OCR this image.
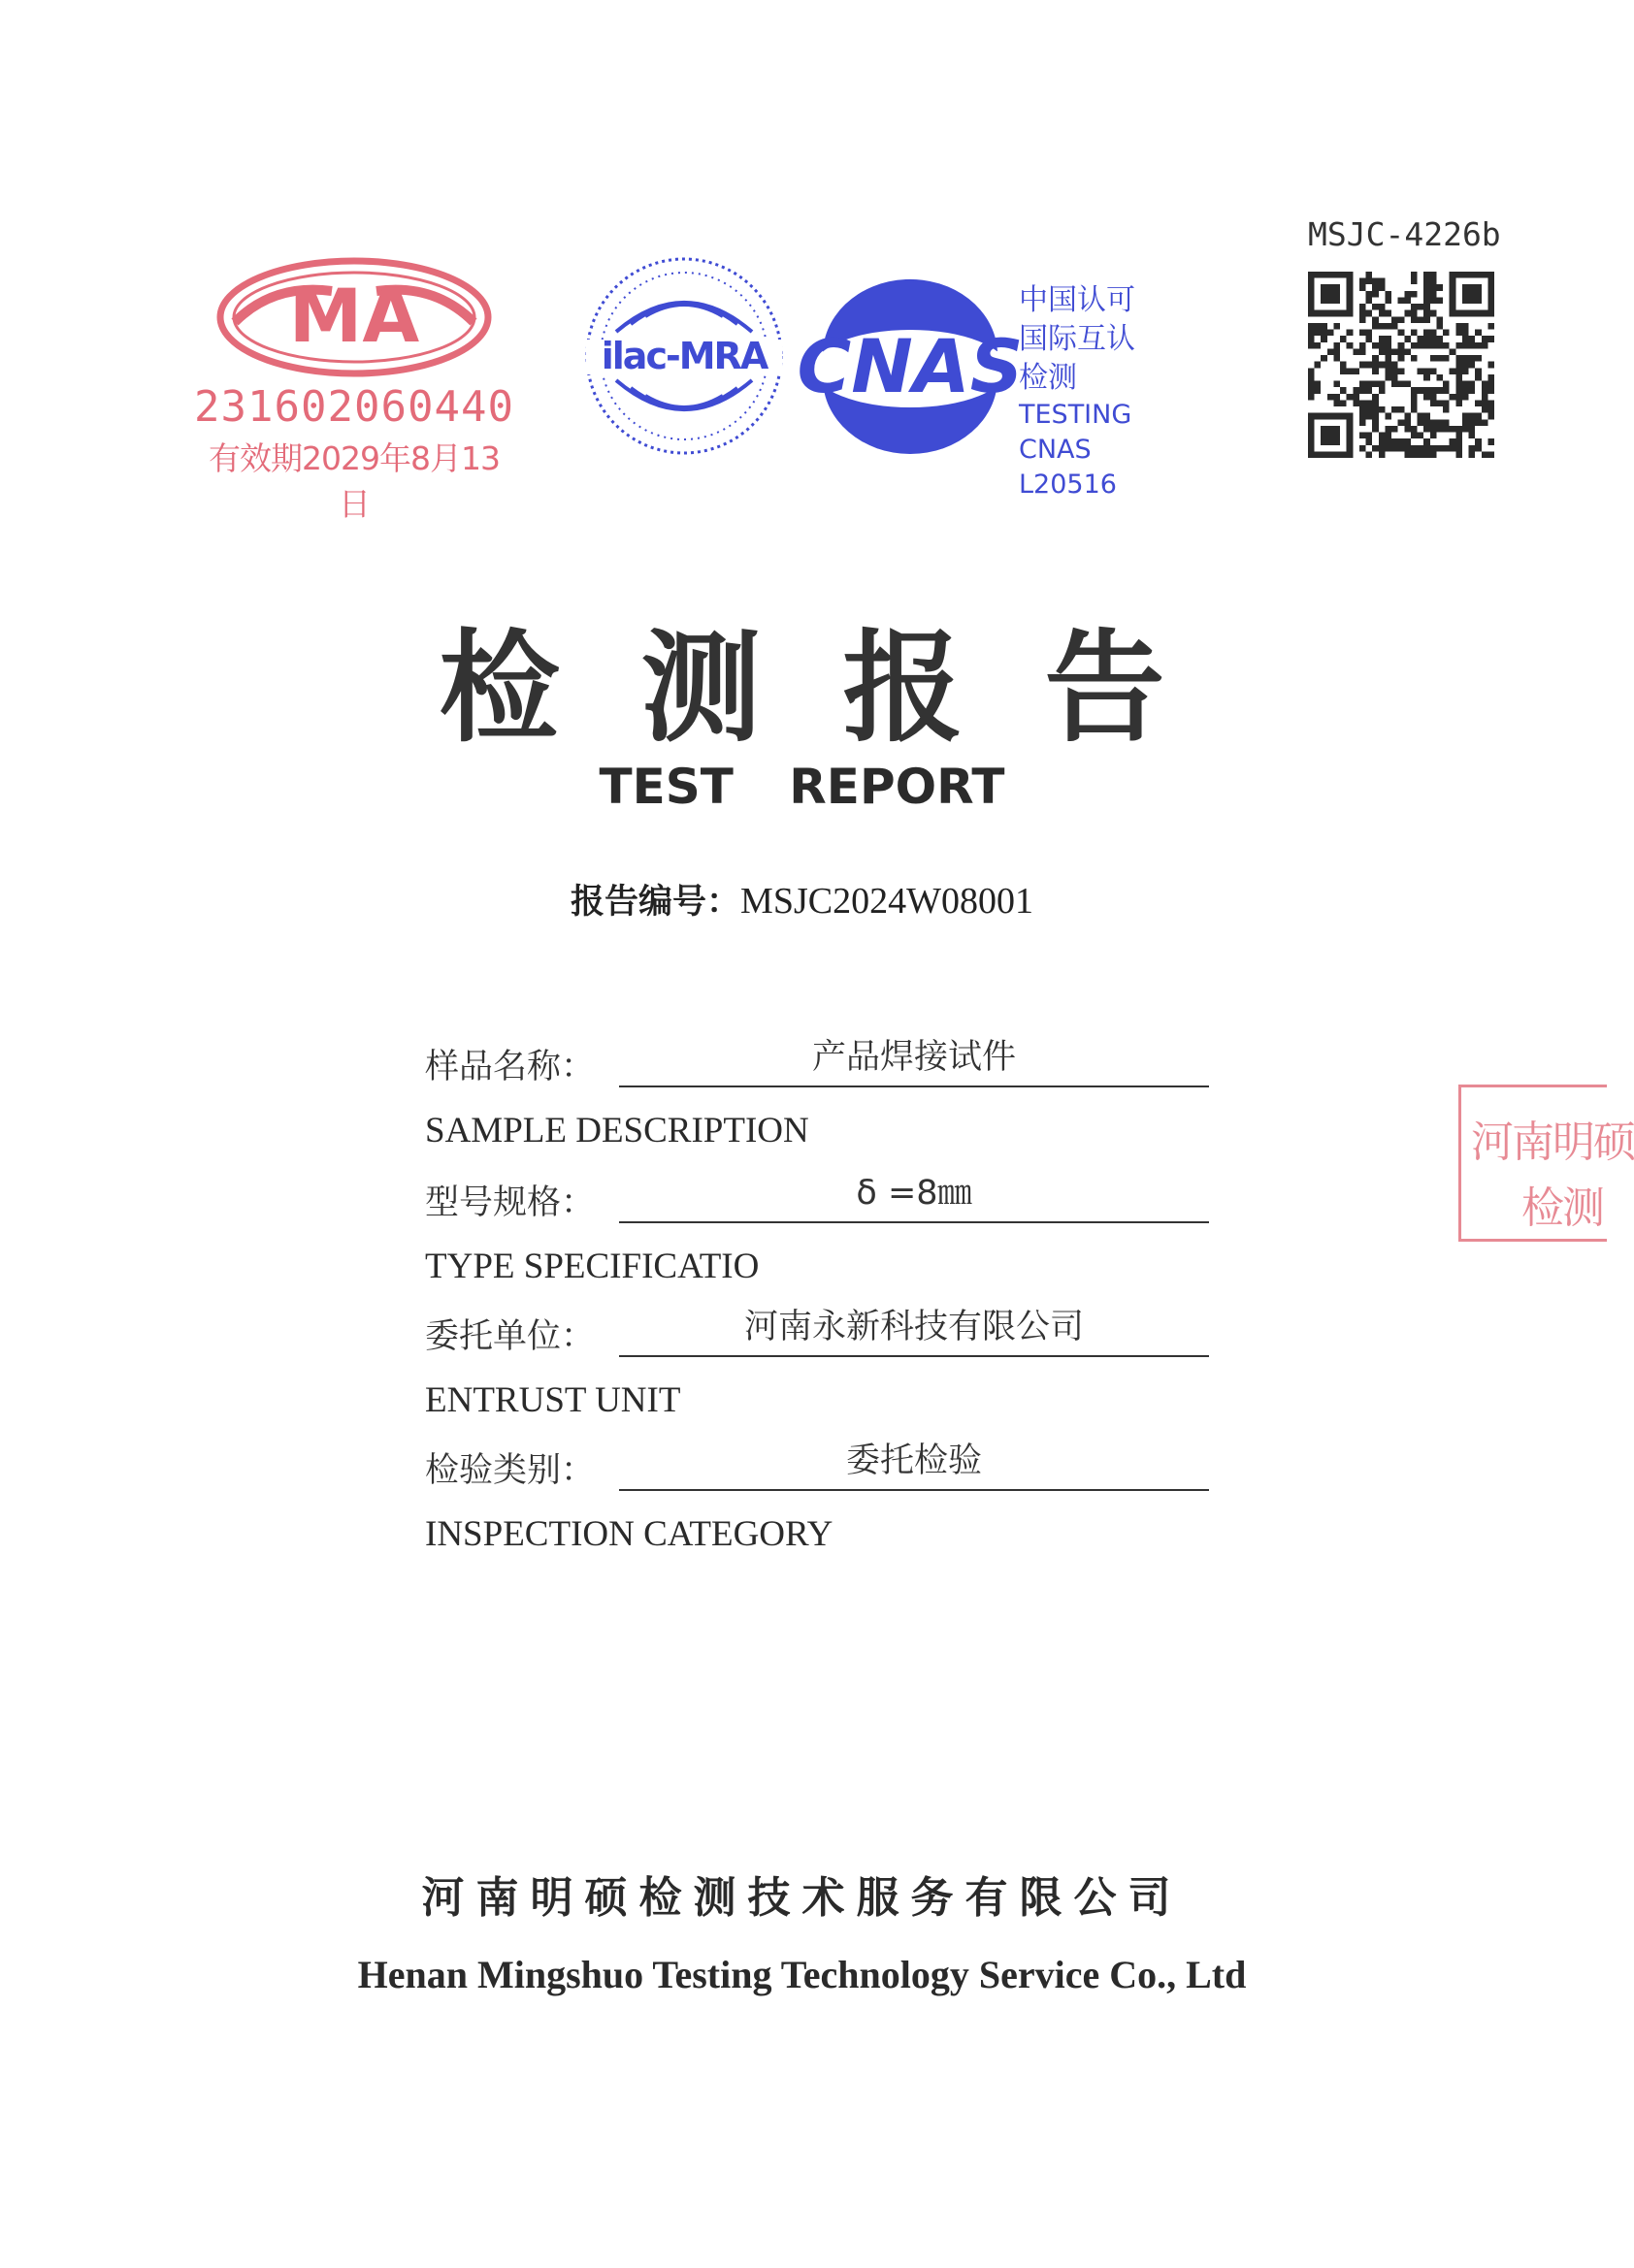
MA
231602060440
有效期2029年8月13日
ilac-MRA CNAS
中国认可
国际互认
检测
TESTING
CNAS L20516
MSJC-4226b
河南明硕
检测
检测报告
TEST REPORT
报告编号：MSJC2024W08001
样品名称：	产品焊接试件
SAMPLE DESCRIPTION
型号规格：	δ =8㎜
TYPE SPECIFICATIO
委托单位：	河南永新科技有限公司
ENTRUST UNIT
检验类别：	委托检验
INSPECTION CATEGORY
河南明硕检测技术服务有限公司
Henan Mingshuo Testing Technology Service Co., Ltd
